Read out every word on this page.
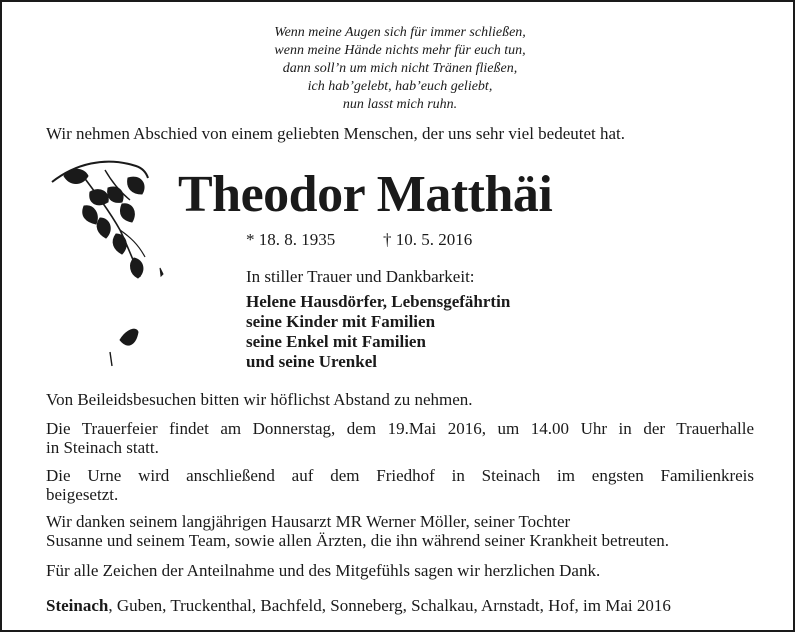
Wenn meine Augen sich für immer schließen,
wenn meine Hände nichts mehr für euch tun,
dann soll’n um mich nicht Tränen fließen,
ich hab’gelebt, hab’euch geliebt,
nun lasst mich ruhn.
Wir nehmen Abschied von einem geliebten Menschen, der uns sehr viel bedeutet hat.
Theodor Matthäi
* 18. 8. 1935	† 10. 5. 2016
In stiller Trauer und Dankbarkeit:
Helene Hausdörfer, Lebensgefährtin
seine Kinder mit Familien
seine Enkel mit Familien
und seine Urenkel
Von Beileidsbesuchen bitten wir höflichst Abstand zu nehmen.
Die Trauerfeier findet am Donnerstag, dem 19.Mai 2016, um 14.00 Uhr in der Trauerhalle
in Steinach statt.
Die Urne wird anschließend auf dem Friedhof in Steinach im engsten Familienkreis
beigesetzt.
Wir danken seinem langjährigen Hausarzt MR Werner Möller, seiner Tochter
Susanne und seinem Team, sowie allen Ärzten, die ihn während seiner Krankheit betreuten.
Für alle Zeichen der Anteilnahme und des Mitgefühls sagen wir herzlichen Dank.
Steinach, Guben, Truckenthal, Bachfeld, Sonneberg, Schalkau, Arnstadt, Hof, im Mai 2016
